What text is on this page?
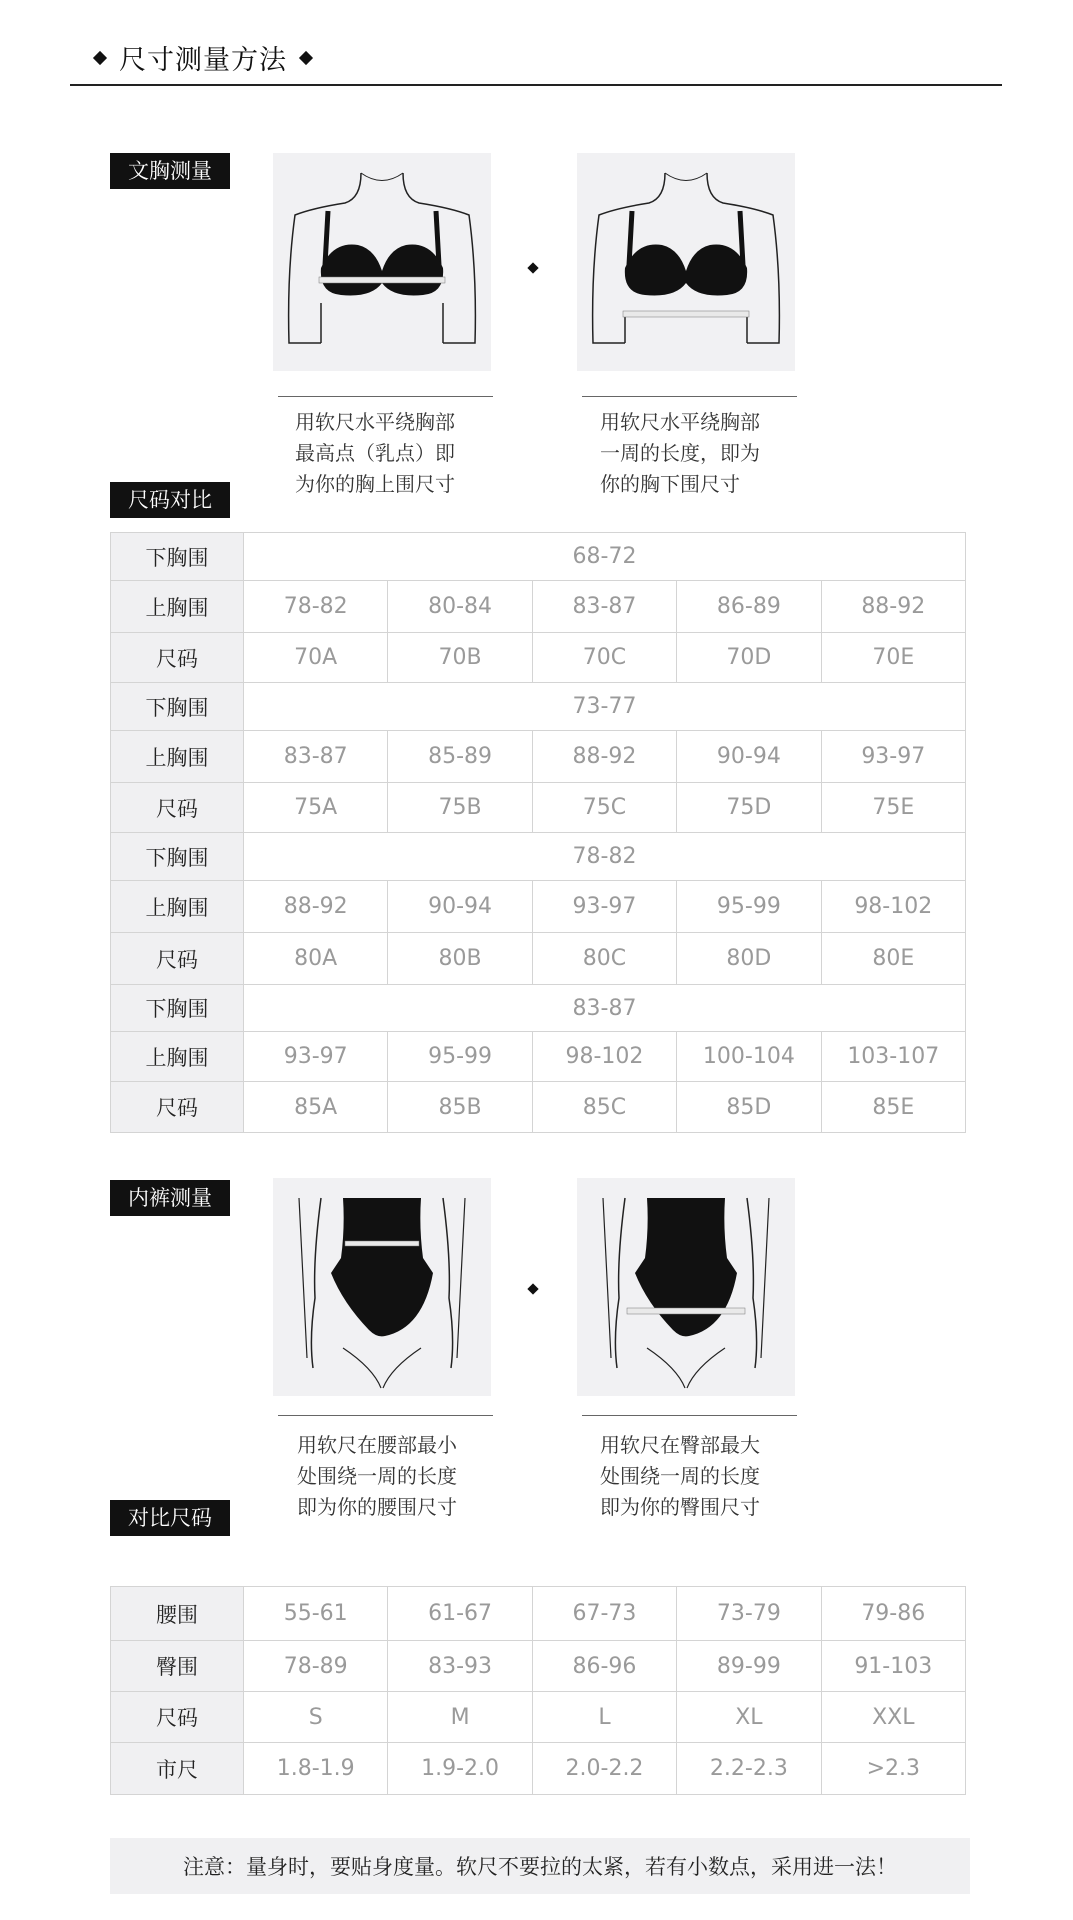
尺寸测量方法
文胸测量
用软尺水平绕胸部
最高点（乳点）即
为你的胸上围尺寸
用软尺水平绕胸部
一周的长度，即为
你的胸下围尺寸
尺码对比
下胸围	68-72				
上胸围	78-82	80-84	83-87	86-89	88-92
尺码	70A	70B	70C	70D	70E
下胸围	73-77				
上胸围	83-87	85-89	88-92	90-94	93-97
尺码	75A	75B	75C	75D	75E
下胸围	78-82				
上胸围	88-92	90-94	93-97	95-99	98-102
尺码	80A	80B	80C	80D	80E
下胸围	83-87				
上胸围	93-97	95-99	98-102	100-104	103-107
尺码	85A	85B	85C	85D	85E
内裤测量
用软尺在腰部最小
处围绕一周的长度
即为你的腰围尺寸
用软尺在臀部最大
处围绕一周的长度
即为你的臀围尺寸
对比尺码
腰围	55-61	61-67	67-73	73-79	79-86
臀围	78-89	83-93	86-96	89-99	91-103
尺码	S	M	L	XL	XXL
市尺	1.8-1.9	1.9-2.0	2.0-2.2	2.2-2.3	>2.3
注意：量身时，要贴身度量。软尺不要拉的太紧，若有小数点，采用进一法！
